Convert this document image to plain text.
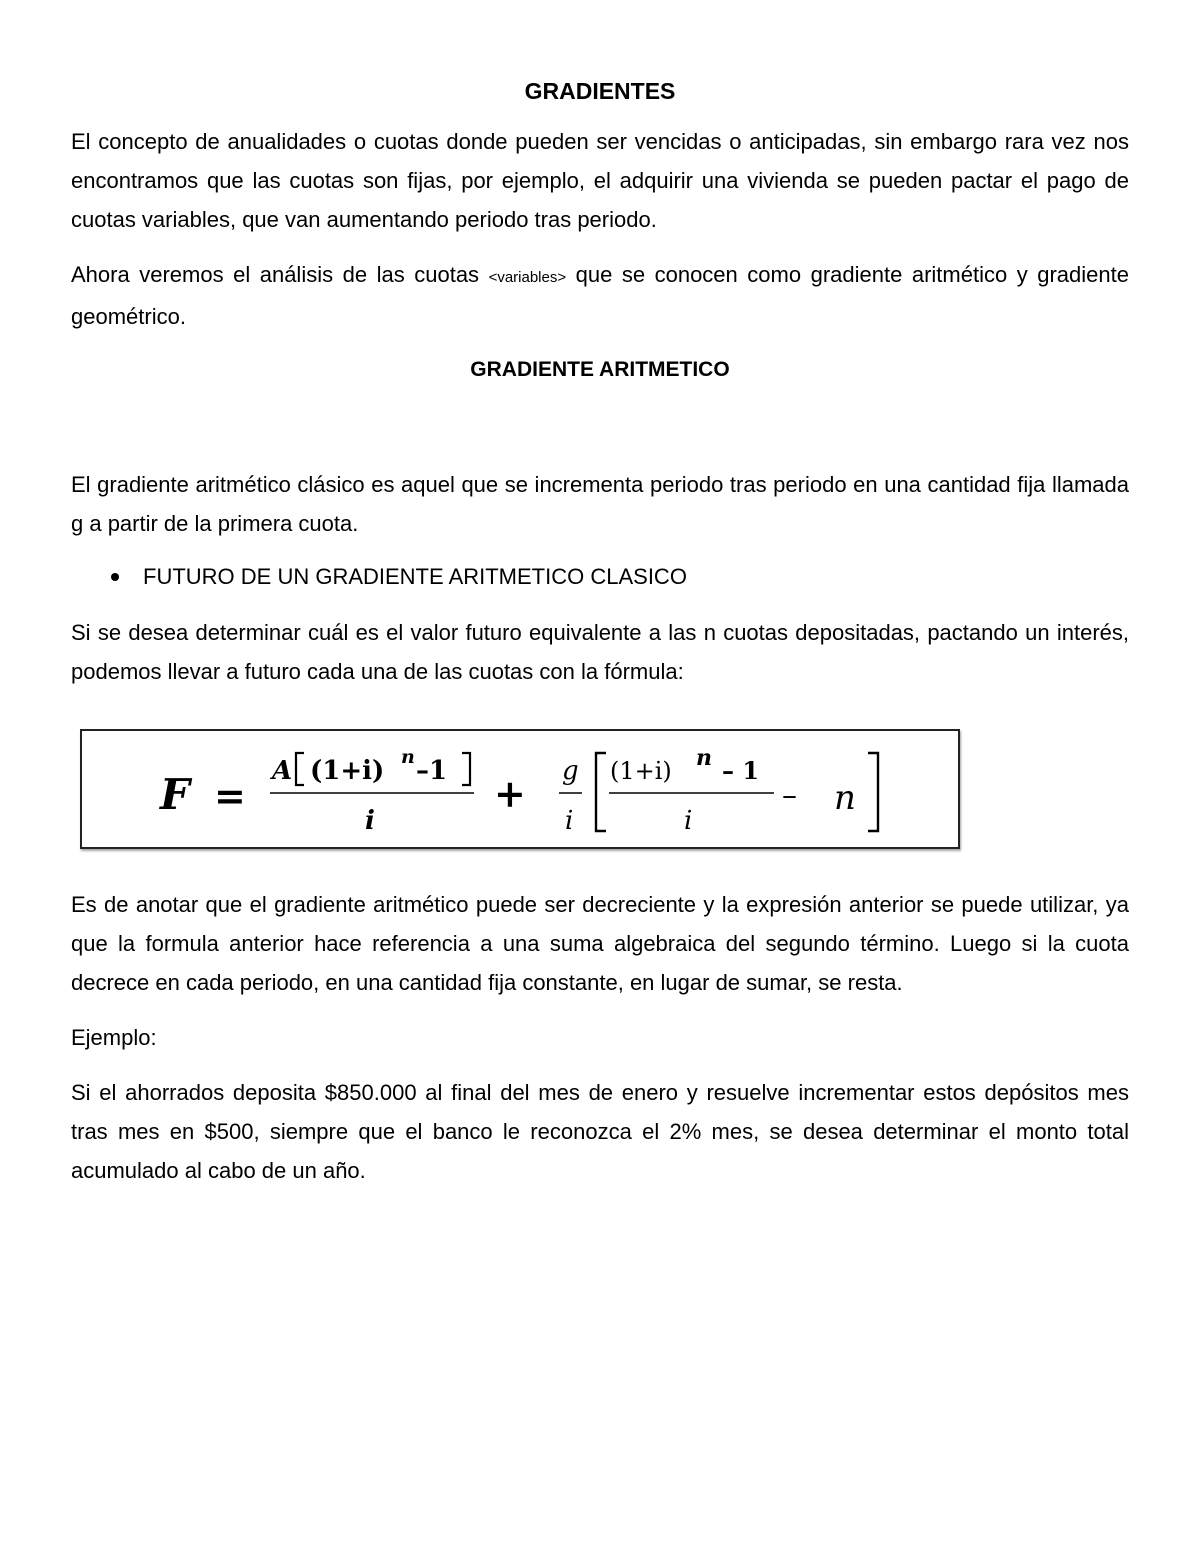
GRADIENTES

El concepto de anualidades o cuotas donde pueden ser vencidas o anticipadas, sin embargo rara vez nos encontramos que las cuotas son fijas, por ejemplo, el adquirir una vivienda se pueden pactar el pago de cuotas variables, que van aumentando periodo tras periodo.

Ahora veremos el análisis de las cuotas <variables> que se conocen como gradiente aritmético y gradiente geométrico.

GRADIENTE ARITMETICO

El gradiente aritmético clásico es aquel que se incrementa periodo tras periodo en una cantidad fija llamada g a partir de la primera cuota.

FUTURO DE UN GRADIENTE ARITMETICO CLASICO

Si se desea determinar cuál es el valor futuro equivalente a las n cuotas depositadas, pactando un interés, podemos llevar a futuro cada una de las cuotas con la fórmula:

F =
A (1+i) n –1
i
+ g
i
(1+i) n – 1
i
– n

Es de anotar que el gradiente aritmético puede ser decreciente y la expresión anterior se puede utilizar, ya que la formula anterior hace referencia a una suma algebraica del segundo término. Luego si la cuota decrece en cada periodo, en una cantidad fija constante, en lugar de sumar, se resta.

Ejemplo:

Si el ahorrados deposita $850.000 al final del mes de enero y resuelve incrementar estos depósitos mes tras mes en $500, siempre que el banco le reconozca el 2% mes, se desea determinar el monto total acumulado al cabo de un año.
